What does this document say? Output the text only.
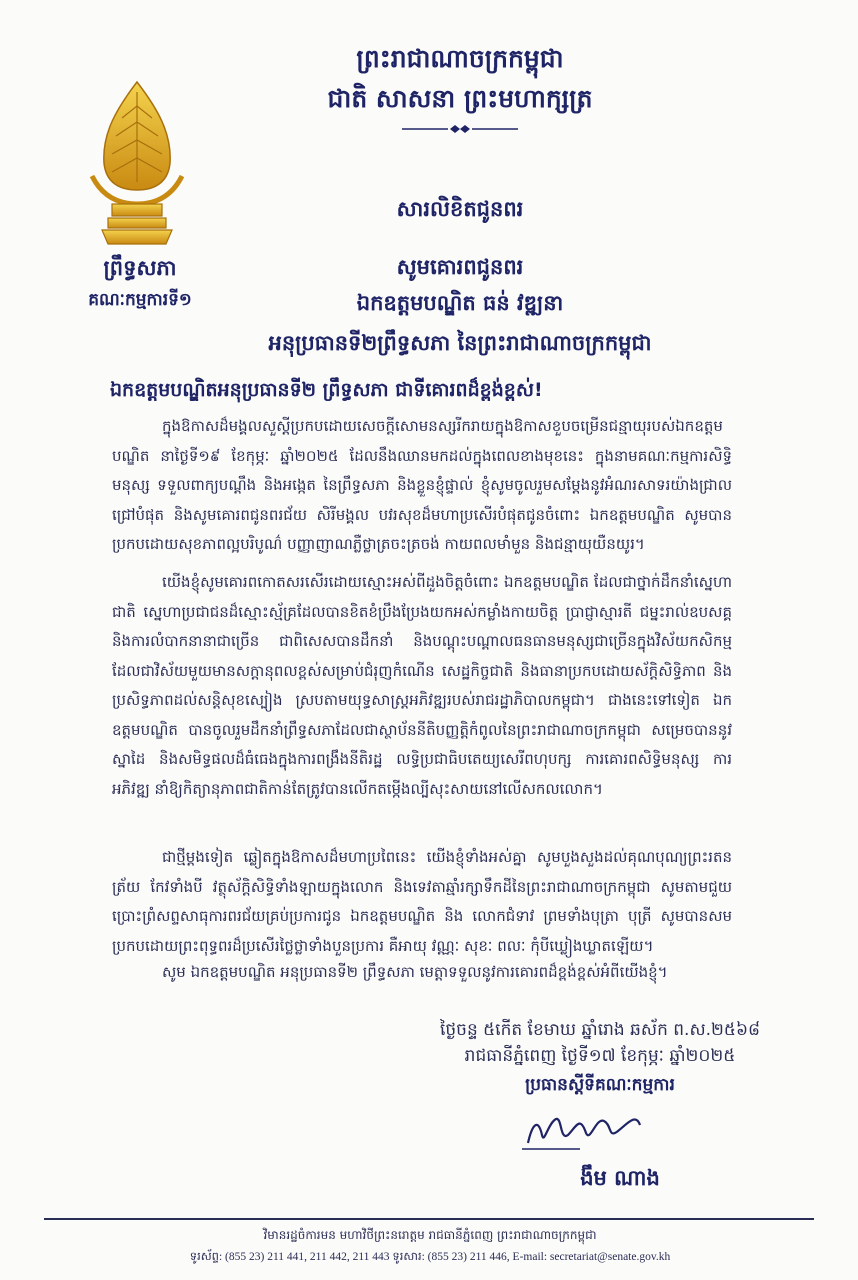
ព្រះរាជាណាចក្រកម្ពុជា
ជាតិ សាសនា ព្រះមហាក្សត្រ
ព្រឹទ្ធសភា
គណៈកម្មការទី១
សារលិខិតជូនពរ
សូមគោរពជូនពរ
ឯកឧត្តមបណ្ឌិត ធន់ វឌ្ឍនា
អនុប្រធានទី២ព្រឹទ្ធសភា នៃព្រះរាជាណាចក្រកម្ពុជា
ឯកឧត្តមបណ្ឌិតអនុប្រធានទី២ ព្រឹទ្ធសភា ជាទីគោរពដ៏ខ្ពង់ខ្ពស់!
ក្នុងឱកាសដ៏មង្គលសួស្តីប្រកបដោយសេចក្តីសោមនស្សរីករាយក្នុងឱកាសខួបចម្រើនជន្មាយុរបស់ឯកឧត្តមបណ្ឌិត នាថ្ងៃទី១៩ ខែកុម្ភៈ ឆ្នាំ២០២៥ ដែលនឹងឈានមកដល់ក្នុងពេលខាងមុខនេះ ក្នុងនាមគណៈកម្មការសិទ្ធិមនុស្ស ទទួលពាក្យបណ្តឹង និងអង្កេត នៃព្រឹទ្ធសភា និងខ្លួនខ្ញុំផ្ទាល់ ខ្ញុំសូមចូលរួមសម្តែងនូវអំណរសាទរយ៉ាងជ្រាលជ្រៅបំផុត និងសូមគោរពជូនពរជ័យ សិរីមង្គល បវរសុខដ៏មហាប្រសើរបំផុតជូនចំពោះ ឯកឧត្តមបណ្ឌិត សូមបានប្រកបដោយសុខភាពល្អបរិបូណ៌ បញ្ញាញាណភ្លឺថ្លាត្រចះត្រចង់ កាយពលមាំមួន និងជន្មាយុយឺនយូរ។
យើងខ្ញុំសូមគោរពកោតសរសើរដោយស្មោះអស់ពីដួងចិត្តចំពោះ ឯកឧត្តមបណ្ឌិត ដែលជាថ្នាក់ដឹកនាំស្នេហាជាតិ ស្នេហាប្រជាជនដ៏ស្មោះស្ម័គ្រដែលបានខិតខំប្រឹងប្រែងយកអស់កម្លាំងកាយចិត្ត ប្រាជ្ញាស្មារតី ជម្នះរាល់ឧបសគ្គ និងការលំបាកនានាជាច្រើន ជាពិសេសបានដឹកនាំ និងបណ្តុះបណ្តាលធនធានមនុស្សជាច្រើនក្នុងវិស័យកសិកម្ម ដែលជាវិស័យមួយមានសក្តានុពលខ្ពស់សម្រាប់ជំរុញកំណើន សេដ្ឋកិច្ចជាតិ និងធានាប្រកបដោយស័ក្តិសិទ្ធិភាព និងប្រសិទ្ធភាពដល់សន្តិសុខស្បៀង ស្របតាមយុទ្ធសាស្ត្រអភិវឌ្ឍរបស់រាជរដ្ឋាភិបាលកម្ពុជា។ ជាងនេះទៅទៀត ឯកឧត្តមបណ្ឌិត បានចូលរួមដឹកនាំព្រឹទ្ធសភាដែលជាស្ថាប័ននីតិបញ្ញត្តិកំពូលនៃព្រះរាជាណាចក្រកម្ពុជា សម្រេចបាននូវស្នាដៃ និងសមិទ្ធផលដ៏ធំធេងក្នុងការពង្រឹងនីតិរដ្ឋ លទ្ធិប្រជាធិបតេយ្យសេរីពហុបក្ស ការគោរពសិទ្ធិមនុស្ស ការអភិវឌ្ឍ នាំឱ្យកិត្យានុភាពជាតិកាន់តែត្រូវបានលើកតម្កើងល្បីសុះសាយនៅលើសកលលោក។
ជាថ្មីម្តងទៀត ឆ្លៀតក្នុងឱកាសដ៏មហាប្រពៃនេះ យើងខ្ញុំទាំងអស់គ្នា សូមបួងសួងដល់គុណបុណ្យព្រះរតនត្រ័យ កែវទាំងបី វត្ថុស័ក្តិសិទ្ធិទាំងឡាយក្នុងលោក និងទេវតាឆ្មាំរក្សាទឹកដីនៃព្រះរាជាណាចក្រកម្ពុជា សូមតាមជួយប្រោះព្រំសព្ទសាធុការពរជ័យគ្រប់ប្រការជូន ឯកឧត្តមបណ្ឌិត និង លោកជំទាវ ព្រមទាំងបុត្រា បុត្រី សូមបានសមប្រកបដោយព្រះពុទ្ធពរដ៏ប្រសើរថ្លៃថ្លាទាំងបួនប្រការ គឺអាយុ វណ្ណៈ សុខៈ ពលៈ កុំបីឃ្លៀងឃ្លាតឡើយ។
សូម ឯកឧត្តមបណ្ឌិត អនុប្រធានទី២ ព្រឹទ្ធសភា មេត្តាទទួលនូវការគោរពដ៏ខ្ពង់ខ្ពស់អំពីយើងខ្ញុំ។
ថ្ងៃចន្ទ ៥កេីត ខែមាឃ ឆ្នាំរោង ឆស័ក ព.ស.២៥៦៨
រាជធានីភ្នំពេញ ថ្ងៃទី១៧ ខែកុម្ភៈ ឆ្នាំ២០២៥
ប្រធានស្តីទីគណៈកម្មការ
ងឹម ណាង
វិមានរដ្ឋចំការមន មហាវិថីព្រះនរោត្តម រាជធានីភ្នំពេញ ព្រះរាជាណាចក្រកម្ពុជា
ទូរស័ព្ទ: (855 23) 211 441, 211 442, 211 443 ទូរសារ: (855 23) 211 446, E-mail: secretariat@senate.gov.kh
